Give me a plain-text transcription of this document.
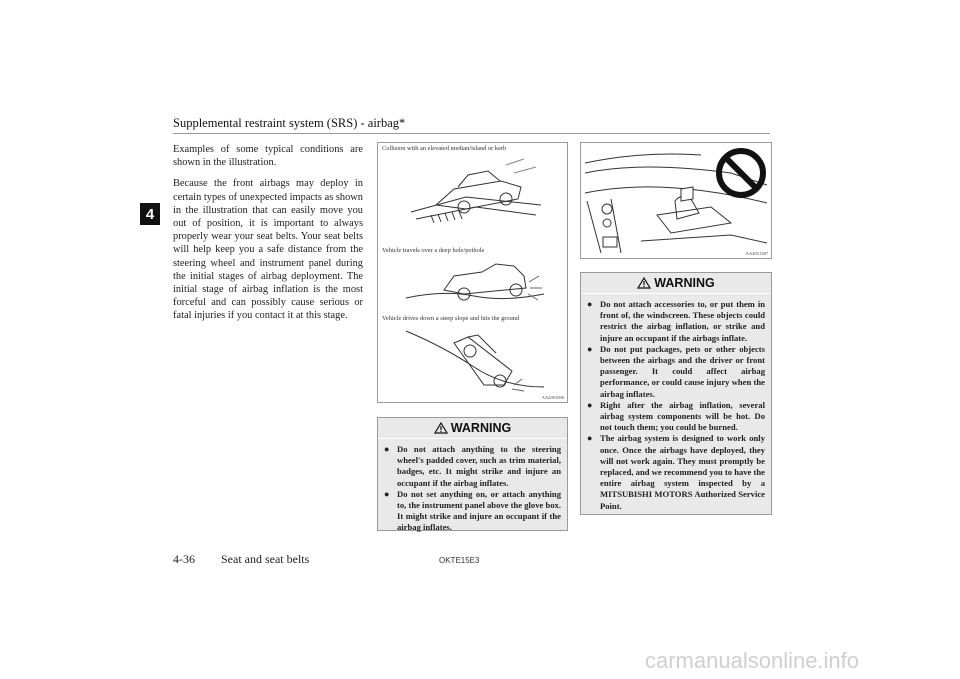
Supplemental restraint system (SRS) - airbag*
4

Examples of some typical conditions are shown in the illustration.

Because the front airbags may deploy in certain types of unexpected impacts as shown in the illustration that can easily move you out of position, it is important to always properly wear your seat belts. Your seat belts will help keep you a safe distance from the steering wheel and instrument panel during the initial stages of airbag deployment. The initial stage of airbag inflation is the most forceful and can possibly cause serious or fatal injuries if you contact it at this stage.

Collision with an elevated median/island or kerb
Vehicle travels over a deep hole/pothole
Vehicle drives down a steep slope and hits the ground
AA2001096
AA4051387
WARNING
● Do not attach anything to the steering wheel's padded cover, such as trim material, badges, etc. It might strike and injure an occupant if the airbag inflates.
● Do not set anything on, or attach anything to, the instrument panel above the glove box. It might strike and injure an occupant if the airbag inflates.
WARNING
● Do not attach accessories to, or put them in front of, the windscreen. These objects could restrict the airbag inflation, or strike and injure an occupant if the airbags inflate.
● Do not put packages, pets or other objects between the airbags and the driver or front passenger. It could affect airbag performance, or could cause injury when the airbag inflates.
● Right after the airbag inflation, several airbag system components will be hot. Do not touch them; you could be burned.
● The airbag system is designed to work only once. Once the airbags have deployed, they will not work again. They must promptly be replaced, and we recommend you to have the entire airbag system inspected by a MITSUBISHI MOTORS Authorized Service Point.
4-36 Seat and seat belts	OKTE15E3
carmanualsonline.info
